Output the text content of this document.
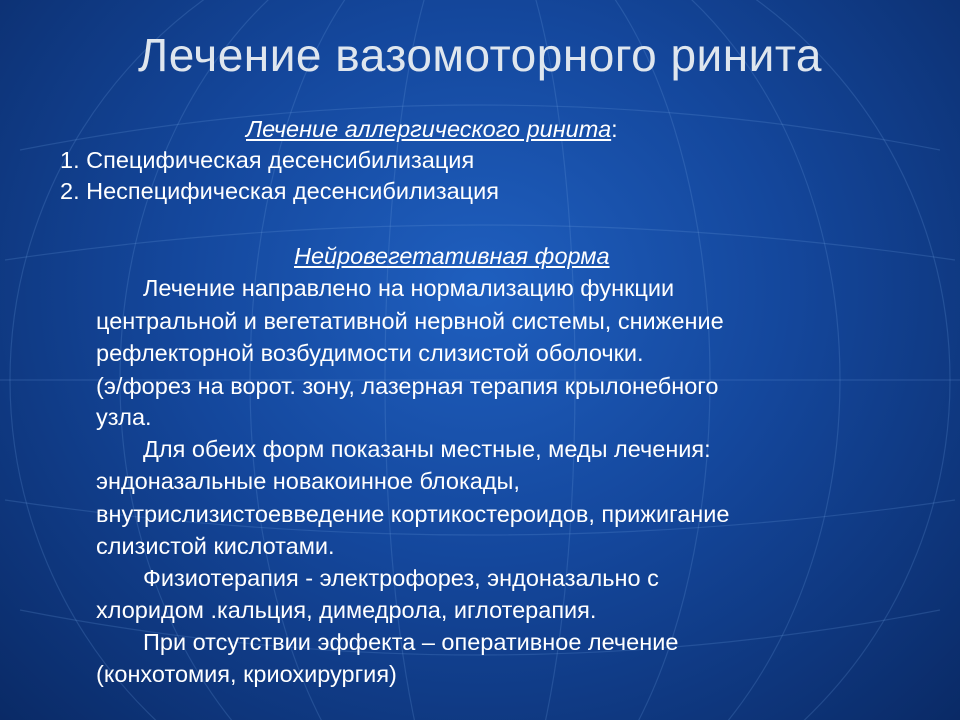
Лечение вазомоторного ринита
Лечение аллергического ринита:
1. Специфическая десенсибилизация
2. Неспецифическая десенсибилизация
Нейровегетативная форма
Лечение направлено на нормализацию функции
центральной и вегетативной нервной системы, снижение
рефлекторной возбудимости слизистой оболочки.
(э/форез на ворот. зону, лазерная терапия крылонебного
узла.
Для обеих форм показаны местные, меды лечения:
эндоназальные новакоинное блокады,
внутрислизистоевведение кортикостероидов, прижигание
слизистой кислотами.
Физиотерапия - электрофорез, эндоназально с
хлоридом .кальция, димедрола, иглотерапия.
При отсутствии эффекта – оперативное лечение
(конхотомия, криохирургия)
